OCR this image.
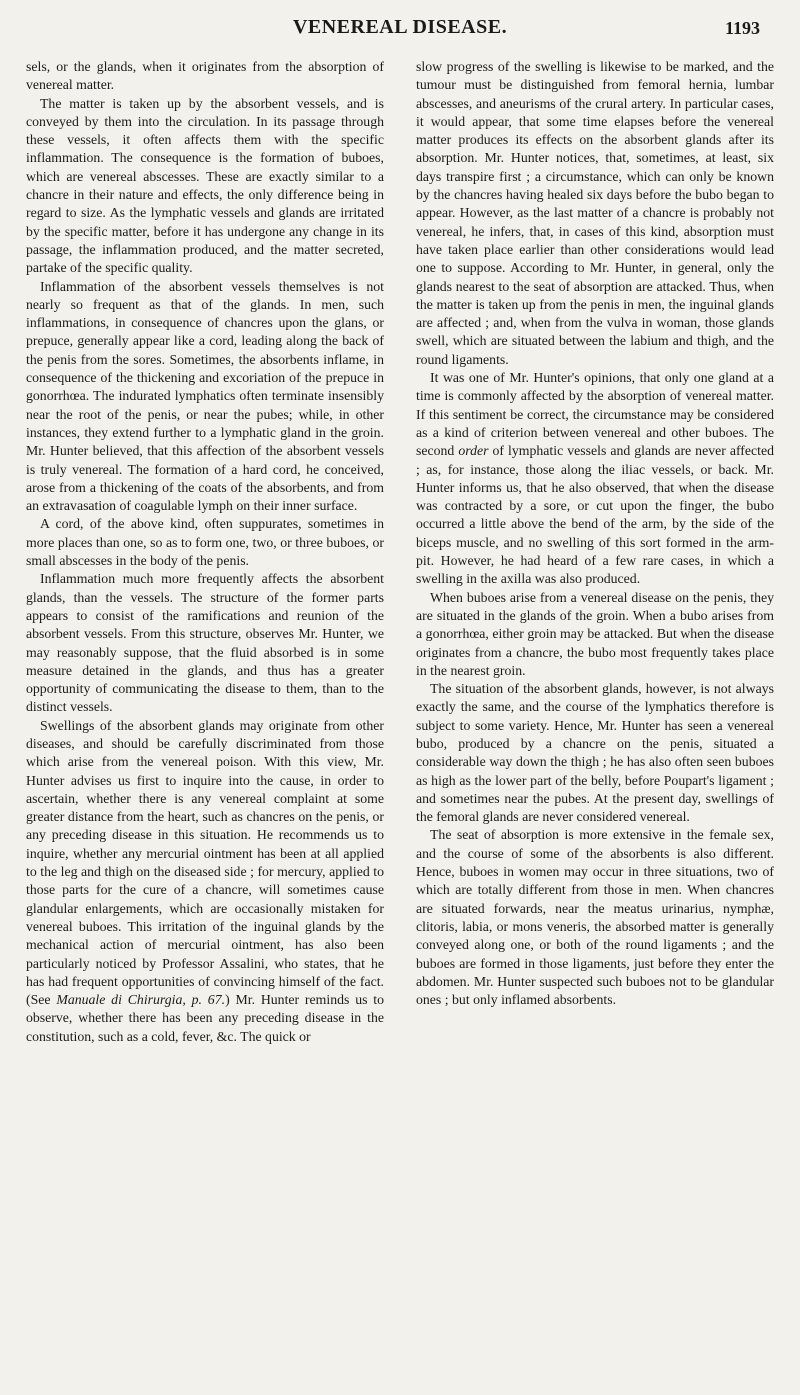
VENEREAL DISEASE.	1193

sels, or the glands, when it originates from the absorption of venereal matter.

The matter is taken up by the absorbent vessels, and is conveyed by them into the circulation. In its passage through these vessels, it often affects them with the specific inflammation. The consequence is the formation of buboes, which are venereal abscesses. These are exactly similar to a chancre in their nature and effects, the only difference being in regard to size. As the lymphatic vessels and glands are irritated by the specific matter, before it has undergone any change in its passage, the inflammation produced, and the matter secreted, partake of the specific quality.

Inflammation of the absorbent vessels themselves is not nearly so frequent as that of the glands. In men, such inflammations, in consequence of chancres upon the glans, or prepuce, generally appear like a cord, leading along the back of the penis from the sores. Sometimes, the absorbents inflame, in consequence of the thickening and excoriation of the prepuce in gonorrhœa. The indurated lymphatics often terminate insensibly near the root of the penis, or near the pubes; while, in other instances, they extend further to a lymphatic gland in the groin. Mr. Hunter believed, that this affection of the absorbent vessels is truly venereal. The formation of a hard cord, he conceived, arose from a thickening of the coats of the absorbents, and from an extravasation of coagulable lymph on their inner surface.

A cord, of the above kind, often suppurates, sometimes in more places than one, so as to form one, two, or three buboes, or small abscesses in the body of the penis.

Inflammation much more frequently affects the absorbent glands, than the vessels. The structure of the former parts appears to consist of the ramifications and reunion of the absorbent vessels. From this structure, observes Mr. Hunter, we may reasonably suppose, that the fluid absorbed is in some measure detained in the glands, and thus has a greater opportunity of communicating the disease to them, than to the distinct vessels.

Swellings of the absorbent glands may originate from other diseases, and should be carefully discriminated from those which arise from the venereal poison. With this view, Mr. Hunter advises us first to inquire into the cause, in order to ascertain, whether there is any venereal complaint at some greater distance from the heart, such as chancres on the penis, or any preceding disease in this situation. He recommends us to inquire, whether any mercurial ointment has been at all applied to the leg and thigh on the diseased side ; for mercury, applied to those parts for the cure of a chancre, will sometimes cause glandular enlargements, which are occasionally mistaken for venereal buboes. This irritation of the inguinal glands by the mechanical action of mercurial ointment, has also been particularly noticed by Professor Assalini, who states, that he has had frequent opportunities of convincing himself of the fact. (See Manuale di Chirurgia, p. 67.) Mr. Hunter reminds us to observe, whether there has been any preceding disease in the constitution, such as a cold, fever, &c. The quick or

slow progress of the swelling is likewise to be marked, and the tumour must be distinguished from femoral hernia, lumbar abscesses, and aneurisms of the crural artery. In particular cases, it would appear, that some time elapses before the venereal matter produces its effects on the absorbent glands after its absorption. Mr. Hunter notices, that, sometimes, at least, six days transpire first ; a circumstance, which can only be known by the chancres having healed six days before the bubo began to appear. However, as the last matter of a chancre is probably not venereal, he infers, that, in cases of this kind, absorption must have taken place earlier than other considerations would lead one to suppose. According to Mr. Hunter, in general, only the glands nearest to the seat of absorption are attacked. Thus, when the matter is taken up from the penis in men, the inguinal glands are affected ; and, when from the vulva in woman, those glands swell, which are situated between the labium and thigh, and the round ligaments.

It was one of Mr. Hunter's opinions, that only one gland at a time is commonly affected by the absorption of venereal matter. If this sentiment be correct, the circumstance may be considered as a kind of criterion between venereal and other buboes. The second order of lymphatic vessels and glands are never affected ; as, for instance, those along the iliac vessels, or back. Mr. Hunter informs us, that he also observed, that when the disease was contracted by a sore, or cut upon the finger, the bubo occurred a little above the bend of the arm, by the side of the biceps muscle, and no swelling of this sort formed in the arm-pit. However, he had heard of a few rare cases, in which a swelling in the axilla was also produced.

When buboes arise from a venereal disease on the penis, they are situated in the glands of the groin. When a bubo arises from a gonorrhœa, either groin may be attacked. But when the disease originates from a chancre, the bubo most frequently takes place in the nearest groin.

The situation of the absorbent glands, however, is not always exactly the same, and the course of the lymphatics therefore is subject to some variety. Hence, Mr. Hunter has seen a venereal bubo, produced by a chancre on the penis, situated a considerable way down the thigh ; he has also often seen buboes as high as the lower part of the belly, before Poupart's ligament ; and sometimes near the pubes. At the present day, swellings of the femoral glands are never considered venereal.

The seat of absorption is more extensive in the female sex, and the course of some of the absorbents is also different. Hence, buboes in women may occur in three situations, two of which are totally different from those in men. When chancres are situated forwards, near the meatus urinarius, nymphæ, clitoris, labia, or mons veneris, the absorbed matter is generally conveyed along one, or both of the round ligaments ; and the buboes are formed in those ligaments, just before they enter the abdomen. Mr. Hunter suspected such buboes not to be glandular ones ; but only inflamed absorbents.
